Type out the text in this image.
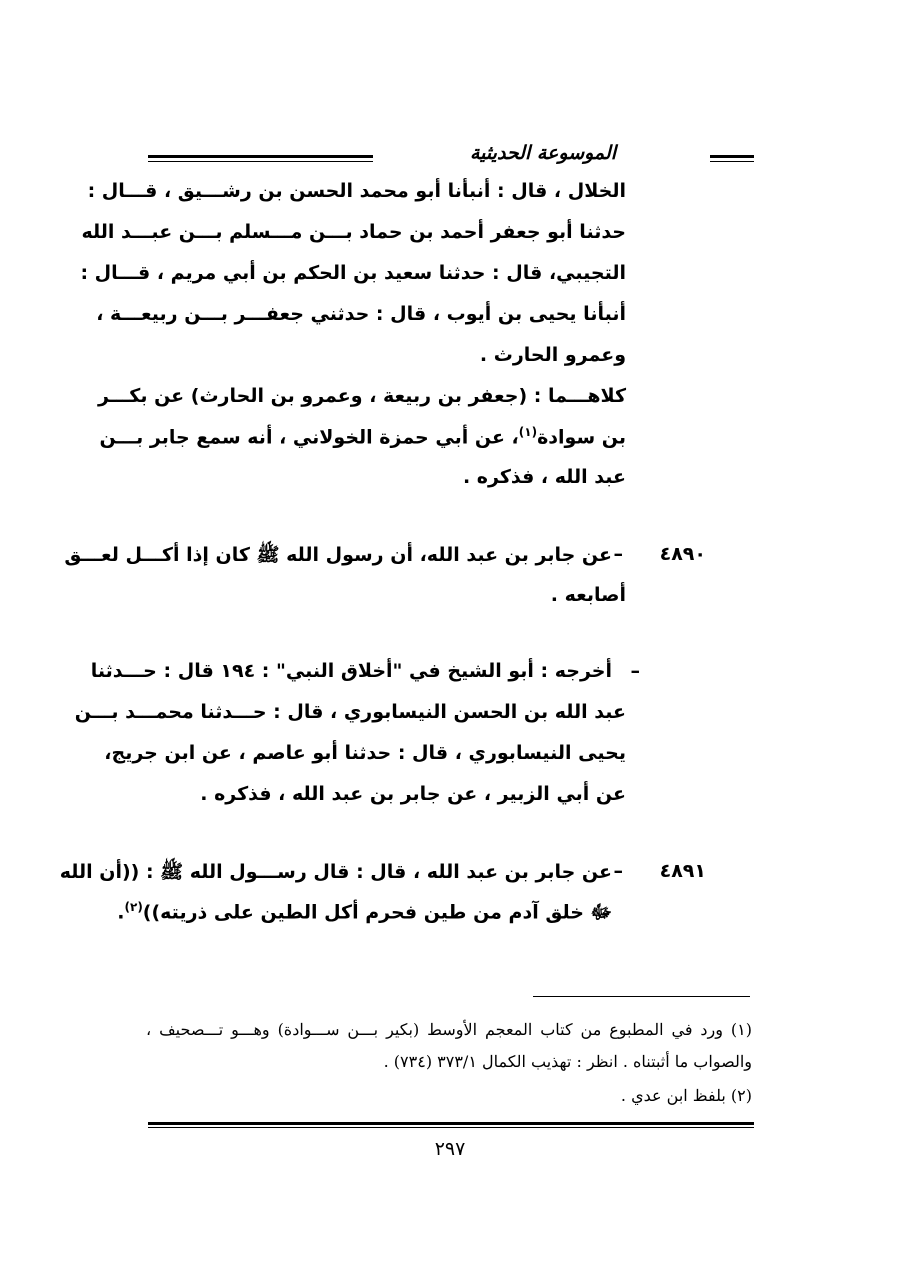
الموسوعة الحديثية
الخلال ، قال : أنبأنا أبو محمد الحسن بن رشـــيق ، قـــال :
حدثنا أبو جعفر أحمد بن حماد بـــن مـــسلم بـــن عبـــد الله
التجيبي، قال : حدثنا سعيد بن الحكم بن أبي مريم ، قـــال :
أنبأنا يحيى بن أيوب ، قال : حدثني جعفـــر بـــن ربيعـــة ،
وعمرو الحارث .
كلاهـــما : (جعفر بن ربيعة ، وعمرو بن الحارث) عن بكـــر
بن سوادة$^{(١)}$، عن أبي حمزة الخولاني ، أنه سمع جابر بـــن
عبد الله ، فذكره .
٤٨٩٠
–
عن جابر بن عبد الله، أن رسول الله ﷺ كان إذا أكـــل لعـــق
أصابعه .
–
أخرجه : أبو الشيخ في "أخلاق النبي" : ١٩٤ قال : حـــدثنا
عبد الله بن الحسن النيسابوري ، قال : حـــدثنا محمـــد بـــن
يحيى النيسابوري ، قال : حدثنا أبو عاصم ، عن ابن جريج،
عن أبي الزبير ، عن جابر بن عبد الله ، فذكره .
٤٨٩١
–
عن جابر بن عبد الله ، قال : قال رســـول الله ﷺ : ((أن الله
ﷻ خلق آدم من طين فحرم أكل الطين على ذريته))$^{(٢)}$.
(١) ورد في المطبوع من كتاب المعجم الأوسط (بكير بـــن ســـوادة) وهـــو تـــصحيف ،
والصواب ما أثبتناه . انظر : تهذيب الكمال ٣٧٣/١ (٧٣٤) .
(٢) بلفظ ابن عدي .
٢٩٧
